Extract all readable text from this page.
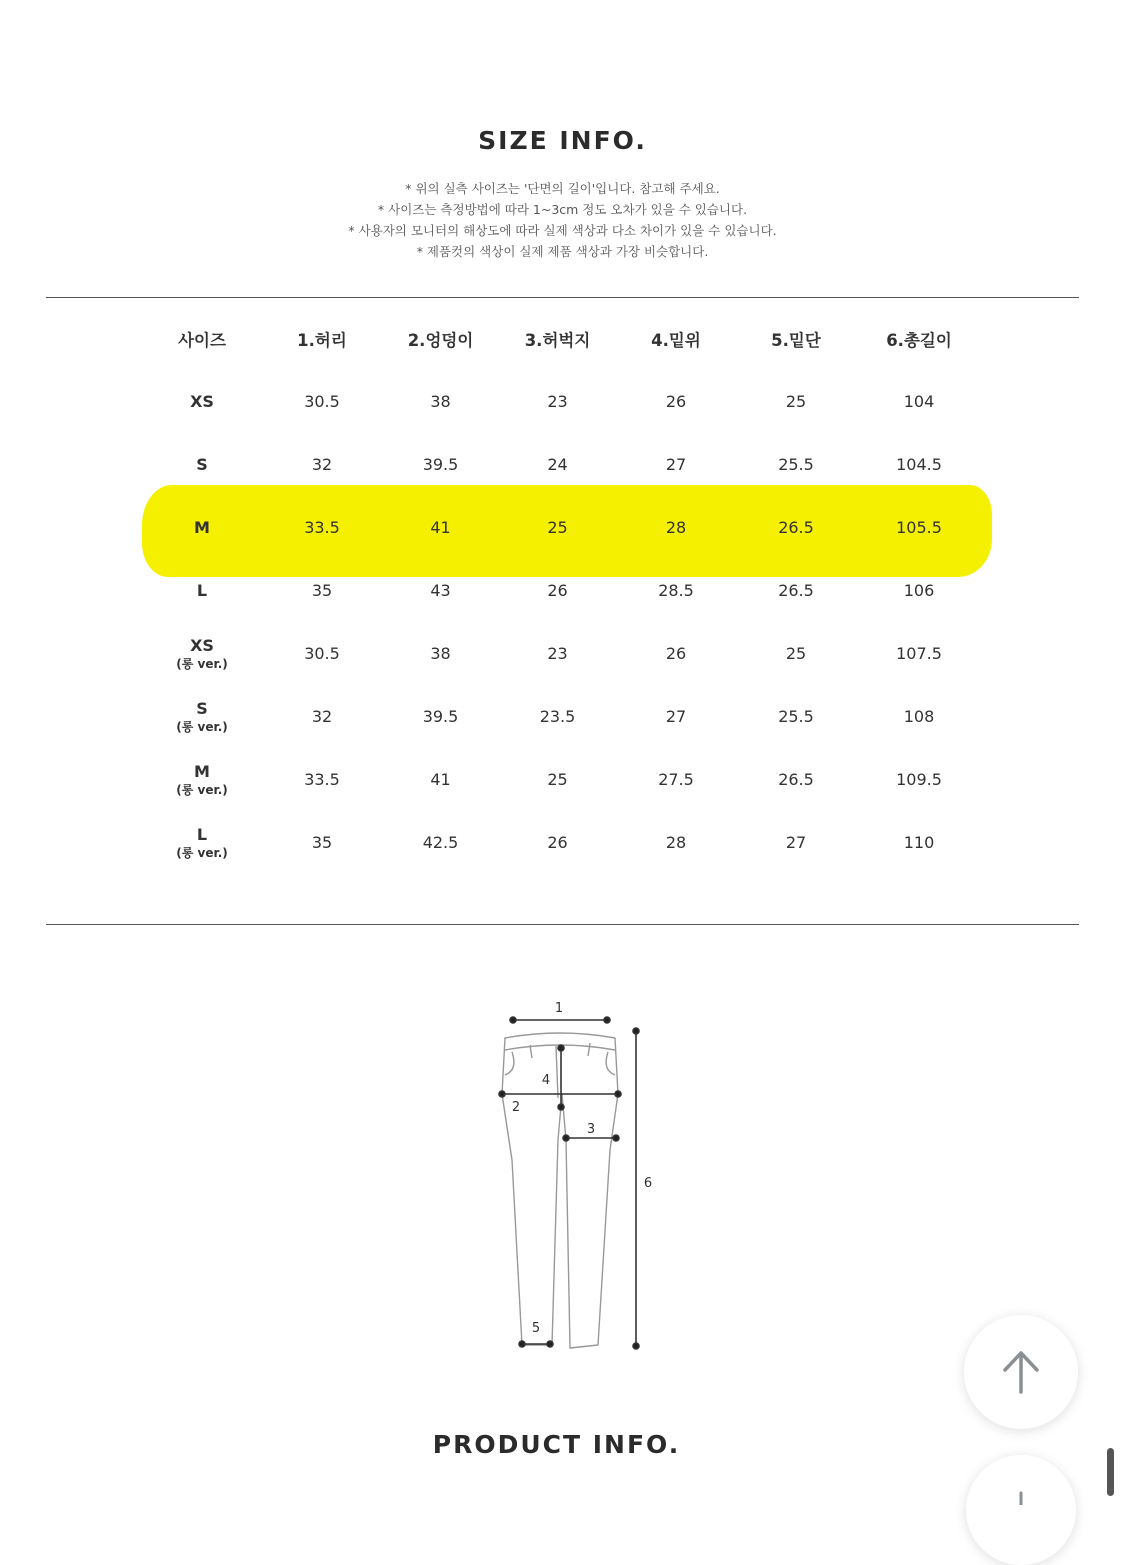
SIZE INFO.
* 위의 실측 사이즈는 '단면의 길이'입니다. 참고해 주세요.
* 사이즈는 측정방법에 따라 1~3cm 정도 오차가 있을 수 있습니다.
* 사용자의 모니터의 해상도에 따라 실제 색상과 다소 차이가 있을 수 있습니다.
* 제품컷의 색상이 실제 제품 색상과 가장 비슷합니다.
사이즈	1.허리	2.엉덩이	3.허벅지	4.밑위	5.밑단	6.총길이
XS	30.5	38	23	26	25	104
S	32	39.5	24	27	25.5	104.5
M	33.5	41	25	28	26.5	105.5
L	35	43	26	28.5	26.5	106
XS
(롱 ver.)	30.5	38	23	26	25	107.5
S
(롱 ver.)	32	39.5	23.5	27	25.5	108
M
(롱 ver.)	33.5	41	25	27.5	26.5	109.5
L
(롱 ver.)	35	42.5	26	28	27	110
1
2
3
4
5
6
PRODUCT INFO.
